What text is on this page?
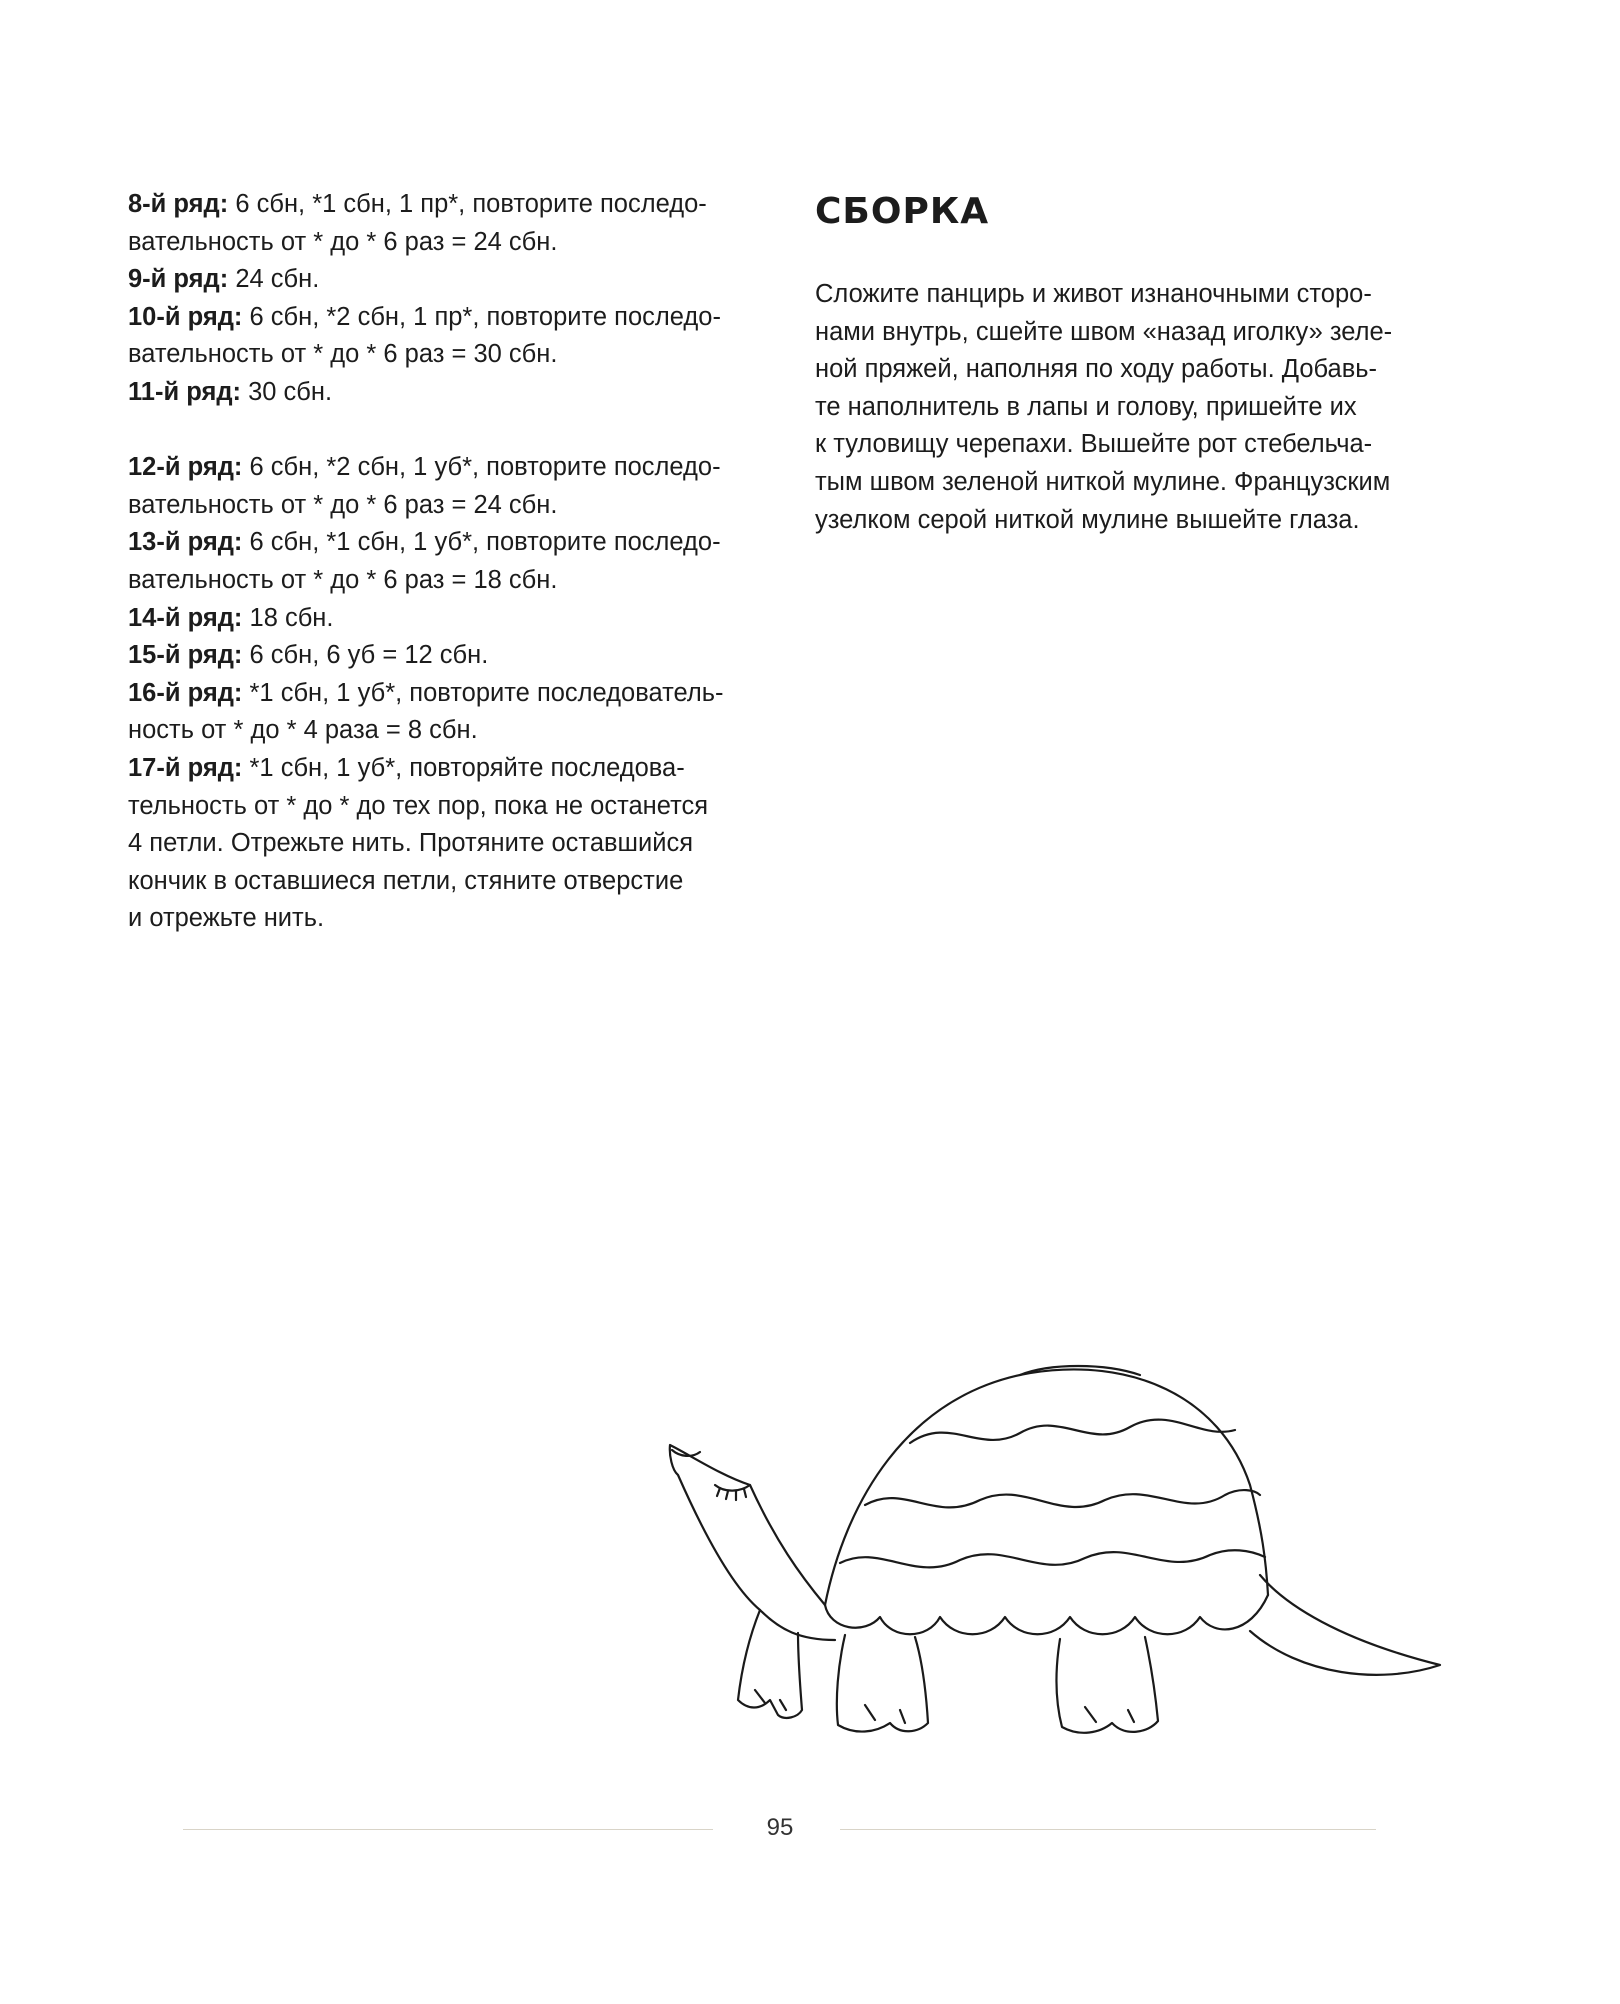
8-й ряд: 6 сбн, *1 сбн, 1 пр*, повторите последо-

вательность от * до * 6 раз = 24 сбн.

9-й ряд: 24 сбн.

10-й ряд: 6 сбн, *2 сбн, 1 пр*, повторите последо-

вательность от * до * 6 раз = 30 сбн.

11-й ряд: 30 сбн.

12-й ряд: 6 сбн, *2 сбн, 1 уб*, повторите последо-

вательность от * до * 6 раз = 24 сбн.

13-й ряд: 6 сбн, *1 сбн, 1 уб*, повторите последо-

вательность от * до * 6 раз = 18 сбн.

14-й ряд: 18 сбн.

15-й ряд: 6 сбн, 6 уб = 12 сбн.

16-й ряд: *1 сбн, 1 уб*, повторите последователь-

ность от * до * 4 раза = 8 сбн.

17-й ряд: *1 сбн, 1 уб*, повторяйте последова-

тельность от * до * до тех пор, пока не останется

4 петли. Отрежьте нить. Протяните оставшийся

кончик в оставшиеся петли, стяните отверстие

и отрежьте нить.

СБОРКА

Сложите панцирь и живот изнаночными сторо-
нами внутрь, сшейте швом «назад иголку» зеле-
ной пряжей, наполняя по ходу работы. Добавь-
те наполнитель в лапы и голову, пришейте их
к туловищу черепахи. Вышейте рот стебельча-
тым швом зеленой ниткой мулине. Французским
узелком серой ниткой мулине вышейте глаза.

95
